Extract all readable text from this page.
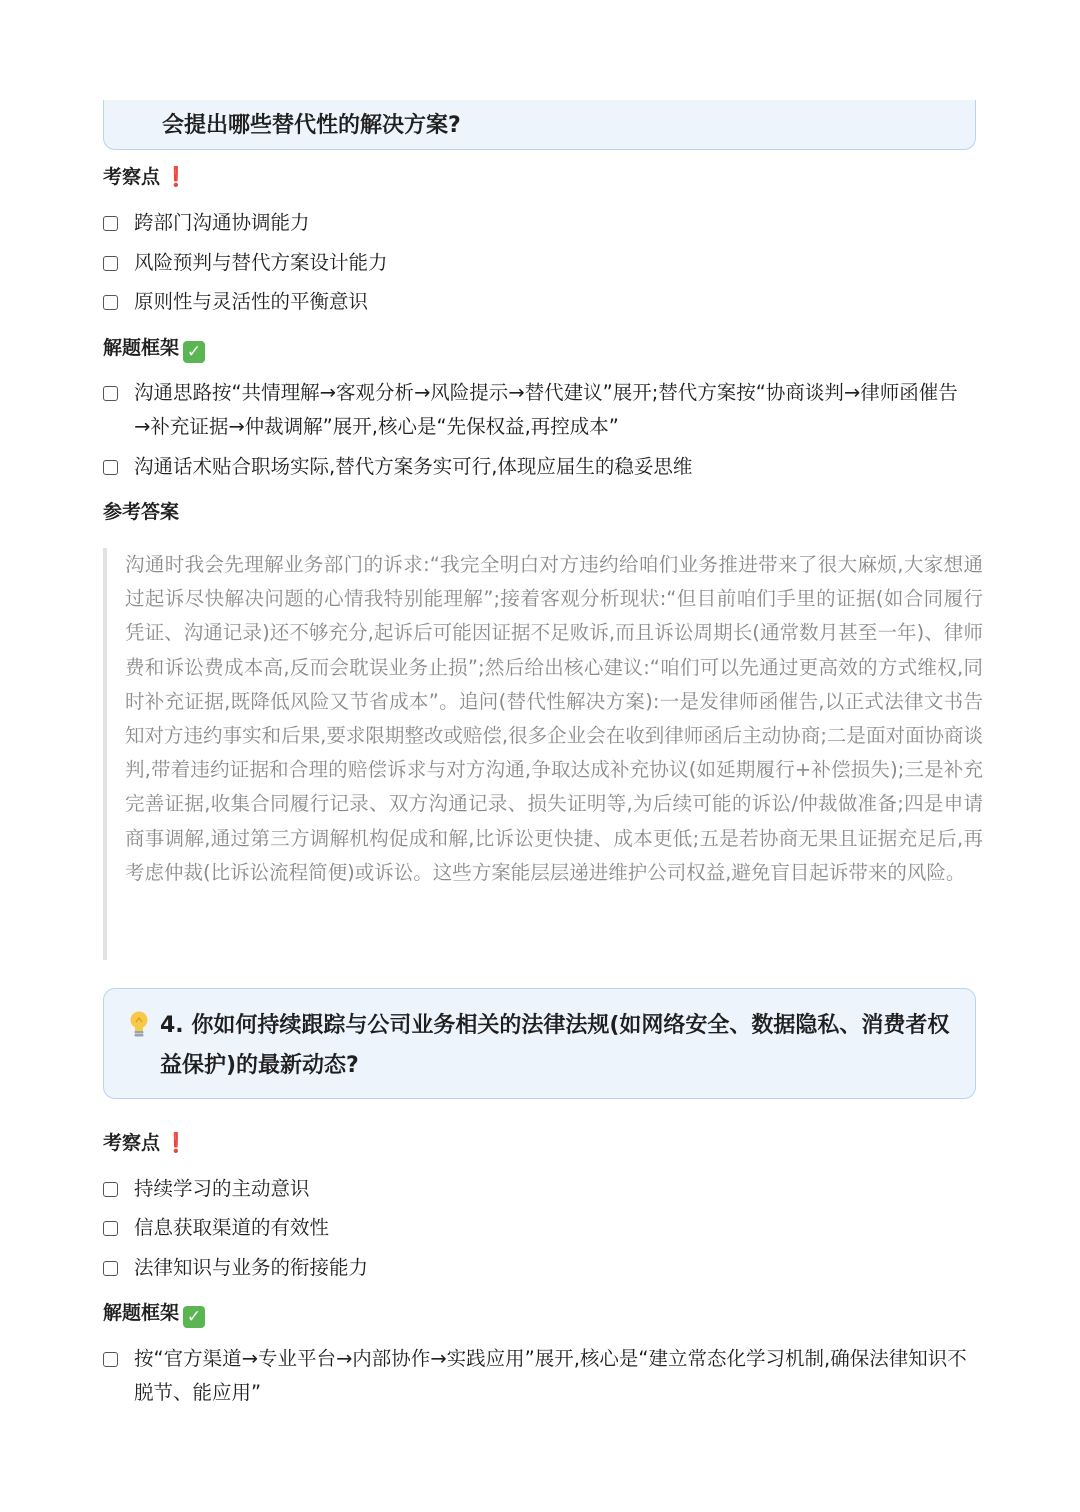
会提出哪些替代性的解决方案?
考察点 ❗
跨部门沟通协调能力
风险预判与替代方案设计能力
原则性与灵活性的平衡意识
解题框架 ✓
沟通思路按“共情理解→客观分析→风险提示→替代建议”展开;替代方案按“协商谈判→律师函催告→补充证据→仲裁调解”展开,核心是“先保权益,再控成本”
沟通话术贴合职场实际,替代方案务实可行,体现应届生的稳妥思维
参考答案
沟通时我会先理解业务部门的诉求:“我完全明白对方违约给咱们业务推进带来了很大麻烦,大家想通过起诉尽快解决问题的心情我特别能理解”;接着客观分析现状:“但目前咱们手里的证据(如合同履行凭证、沟通记录)还不够充分,起诉后可能因证据不足败诉,而且诉讼周期长(通常数月甚至一年)、律师费和诉讼费成本高,反而会耽误业务止损”;然后给出核心建议:“咱们可以先通过更高效的方式维权,同时补充证据,既降低风险又节省成本”。追问(替代性解决方案):一是发律师函催告,以正式法律文书告知对方违约事实和后果,要求限期整改或赔偿,很多企业会在收到律师函后主动协商;二是面对面协商谈判,带着违约证据和合理的赔偿诉求与对方沟通,争取达成补充协议(如延期履行+补偿损失);三是补充完善证据,收集合同履行记录、双方沟通记录、损失证明等,为后续可能的诉讼/仲裁做准备;四是申请商事调解,通过第三方调解机构促成和解,比诉讼更快捷、成本更低;五是若协商无果且证据充足后,再考虑仲裁(比诉讼流程简便)或诉讼。这些方案能层层递进维护公司权益,避免盲目起诉带来的风险。
4. 你如何持续跟踪与公司业务相关的法律法规(如网络安全、数据隐私、消费者权益保护)的最新动态?
考察点 ❗
持续学习的主动意识
信息获取渠道的有效性
法律知识与业务的衔接能力
解题框架 ✓
按“官方渠道→专业平台→内部协作→实践应用”展开,核心是“建立常态化学习机制,确保法律知识不脱节、能应用”
